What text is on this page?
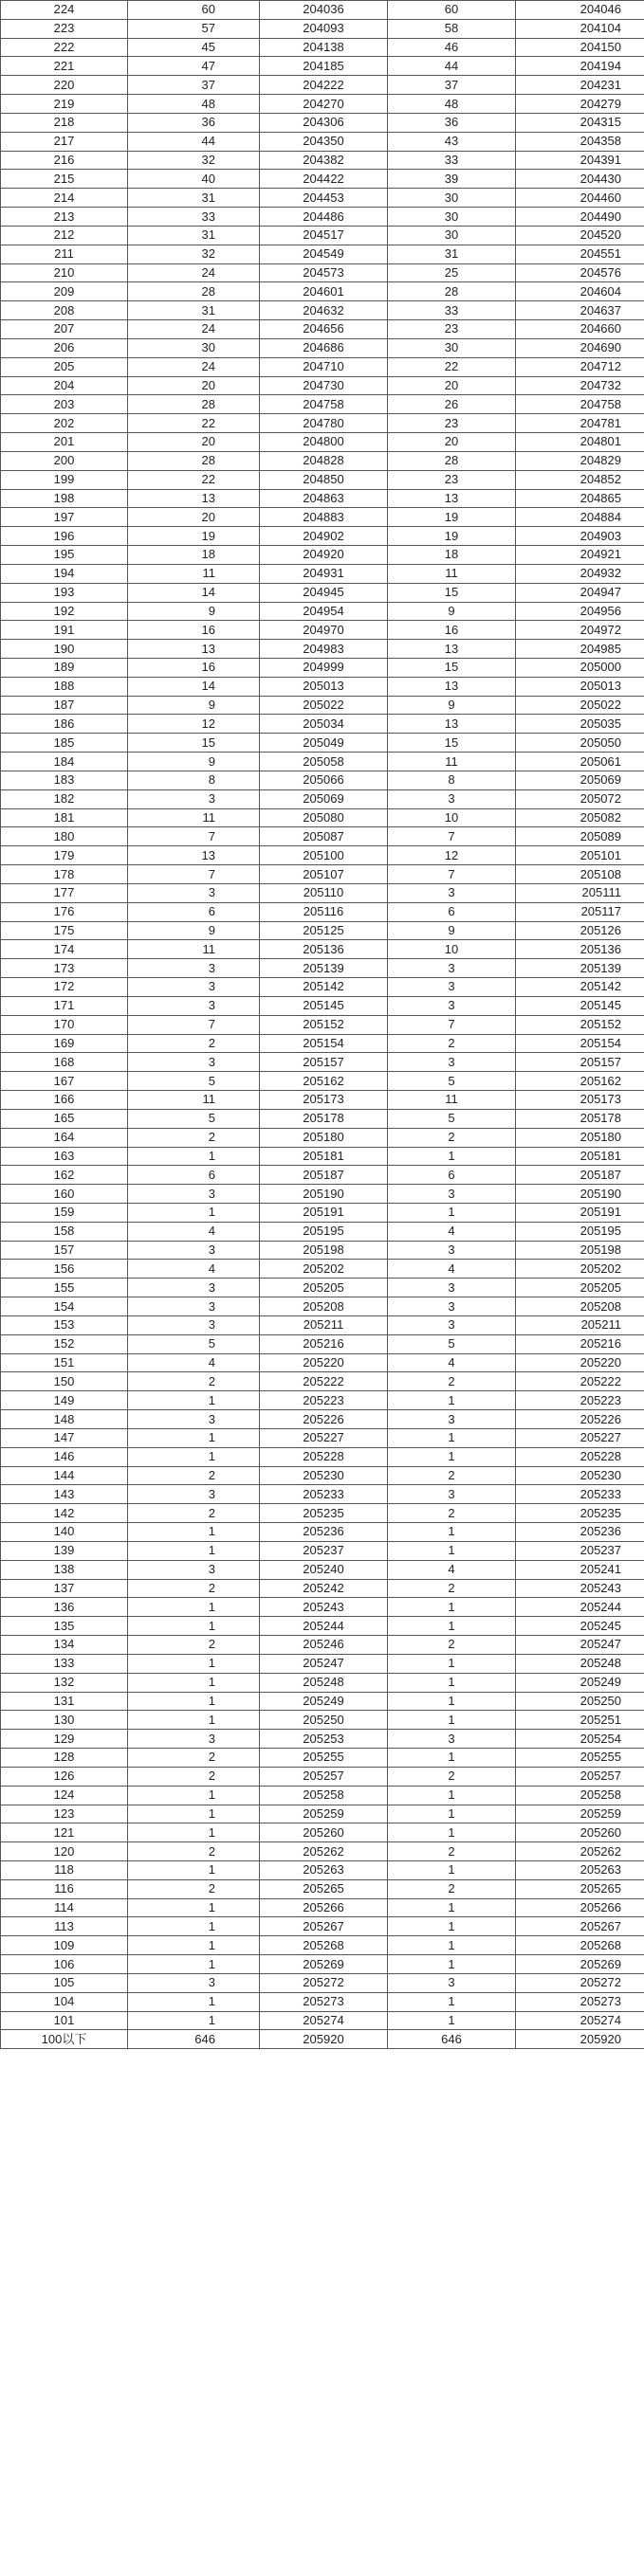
224	60	204036	60	204046
223	57	204093	58	204104
222	45	204138	46	204150
221	47	204185	44	204194
220	37	204222	37	204231
219	48	204270	48	204279
218	36	204306	36	204315
217	44	204350	43	204358
216	32	204382	33	204391
215	40	204422	39	204430
214	31	204453	30	204460
213	33	204486	30	204490
212	31	204517	30	204520
211	32	204549	31	204551
210	24	204573	25	204576
209	28	204601	28	204604
208	31	204632	33	204637
207	24	204656	23	204660
206	30	204686	30	204690
205	24	204710	22	204712
204	20	204730	20	204732
203	28	204758	26	204758
202	22	204780	23	204781
201	20	204800	20	204801
200	28	204828	28	204829
199	22	204850	23	204852
198	13	204863	13	204865
197	20	204883	19	204884
196	19	204902	19	204903
195	18	204920	18	204921
194	11	204931	11	204932
193	14	204945	15	204947
192	9	204954	9	204956
191	16	204970	16	204972
190	13	204983	13	204985
189	16	204999	15	205000
188	14	205013	13	205013
187	9	205022	9	205022
186	12	205034	13	205035
185	15	205049	15	205050
184	9	205058	11	205061
183	8	205066	8	205069
182	3	205069	3	205072
181	11	205080	10	205082
180	7	205087	7	205089
179	13	205100	12	205101
178	7	205107	7	205108
177	3	205110	3	205111
176	6	205116	6	205117
175	9	205125	9	205126
174	11	205136	10	205136
173	3	205139	3	205139
172	3	205142	3	205142
171	3	205145	3	205145
170	7	205152	7	205152
169	2	205154	2	205154
168	3	205157	3	205157
167	5	205162	5	205162
166	11	205173	11	205173
165	5	205178	5	205178
164	2	205180	2	205180
163	1	205181	1	205181
162	6	205187	6	205187
160	3	205190	3	205190
159	1	205191	1	205191
158	4	205195	4	205195
157	3	205198	3	205198
156	4	205202	4	205202
155	3	205205	3	205205
154	3	205208	3	205208
153	3	205211	3	205211
152	5	205216	5	205216
151	4	205220	4	205220
150	2	205222	2	205222
149	1	205223	1	205223
148	3	205226	3	205226
147	1	205227	1	205227
146	1	205228	1	205228
144	2	205230	2	205230
143	3	205233	3	205233
142	2	205235	2	205235
140	1	205236	1	205236
139	1	205237	1	205237
138	3	205240	4	205241
137	2	205242	2	205243
136	1	205243	1	205244
135	1	205244	1	205245
134	2	205246	2	205247
133	1	205247	1	205248
132	1	205248	1	205249
131	1	205249	1	205250
130	1	205250	1	205251
129	3	205253	3	205254
128	2	205255	1	205255
126	2	205257	2	205257
124	1	205258	1	205258
123	1	205259	1	205259
121	1	205260	1	205260
120	2	205262	2	205262
118	1	205263	1	205263
116	2	205265	2	205265
114	1	205266	1	205266
113	1	205267	1	205267
109	1	205268	1	205268
106	1	205269	1	205269
105	3	205272	3	205272
104	1	205273	1	205273
101	1	205274	1	205274
100以下	646	205920	646	205920
